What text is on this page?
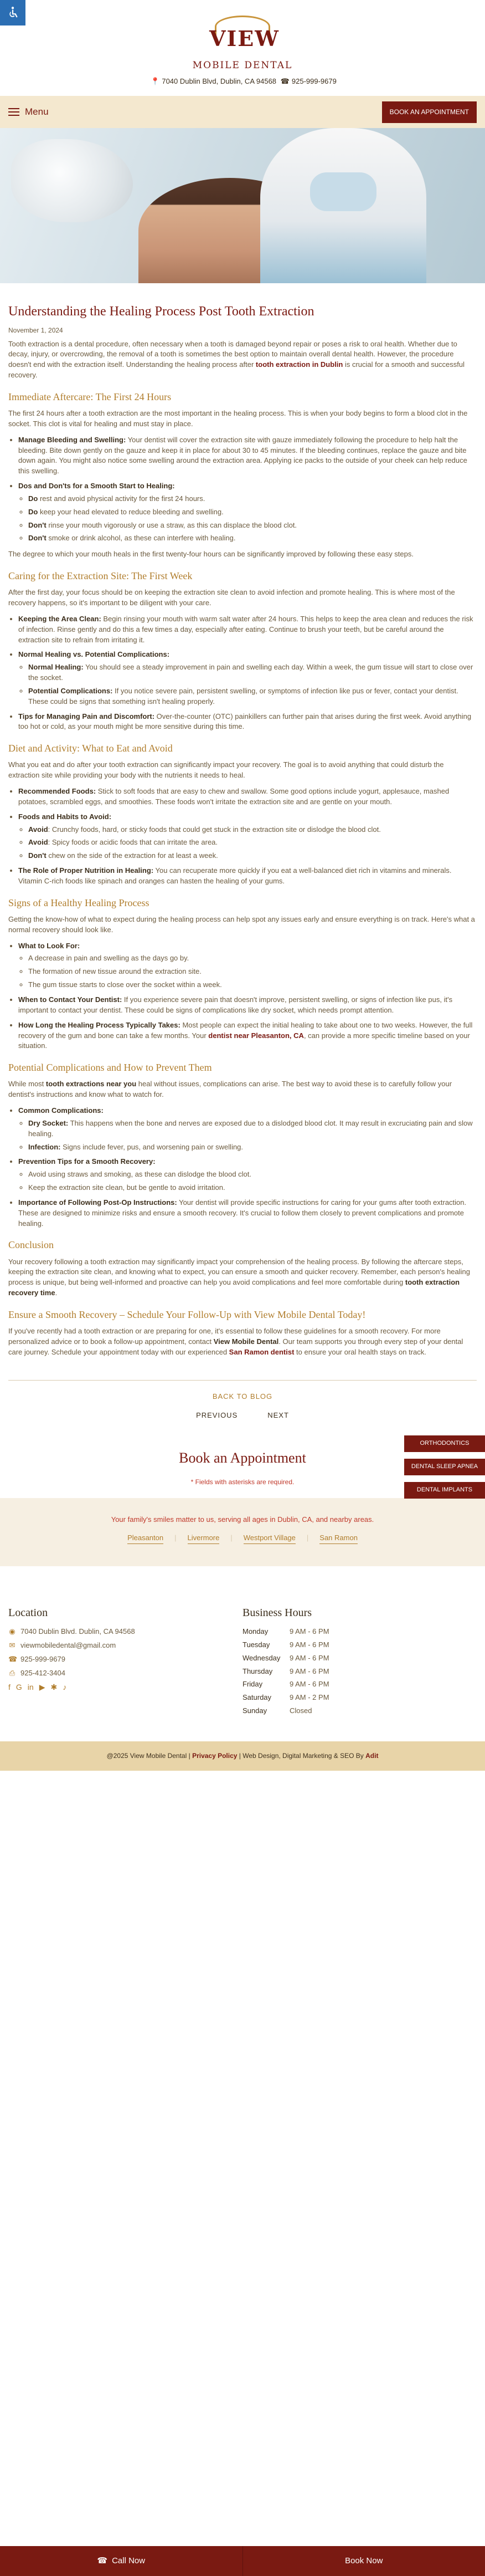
VIEW
MOBILE DENTAL
📍 7040 Dublin Blvd, Dublin, CA 94568 ☎ 925-999-9679
Menu	BOOK AN APPOINTMENT
Understanding the Healing Process Post Tooth Extraction
November 1, 2024

Tooth extraction is a dental procedure, often necessary when a tooth is damaged beyond repair or poses a risk to oral health. Whether due to decay, injury, or overcrowding, the removal of a tooth is sometimes the best option to maintain overall dental health. However, the procedure doesn't end with the extraction itself. Understanding the healing process after tooth extraction in Dublin is crucial for a smooth and successful recovery.

Immediate Aftercare: The First 24 Hours

The first 24 hours after a tooth extraction are the most important in the healing process. This is when your body begins to form a blood clot in the socket. This clot is vital for healing and must stay in place.

• Manage Bleeding and Swelling: Your dentist will cover the extraction site with gauze immediately following the procedure to help halt the bleeding. Bite down gently on the gauze and keep it in place for about 30 to 45 minutes. If the bleeding continues, replace the gauze and bite down again. You might also notice some swelling around the extraction area. Applying ice packs to the outside of your cheek can help reduce this swelling.
• Dos and Don'ts for a Smooth Start to Healing:
◦ Do rest and avoid physical activity for the first 24 hours.
◦ Do keep your head elevated to reduce bleeding and swelling.
◦ Don't rinse your mouth vigorously or use a straw, as this can displace the blood clot.
◦ Don't smoke or drink alcohol, as these can interfere with healing.

The degree to which your mouth heals in the first twenty-four hours can be significantly improved by following these easy steps.

Caring for the Extraction Site: The First Week

After the first day, your focus should be on keeping the extraction site clean to avoid infection and promote healing. This is where most of the recovery happens, so it's important to be diligent with your care.

• Keeping the Area Clean: Begin rinsing your mouth with warm salt water after 24 hours. This helps to keep the area clean and reduces the risk of infection. Rinse gently and do this a few times a day, especially after eating. Continue to brush your teeth, but be careful around the extraction site to refrain from irritating it.
• Normal Healing vs. Potential Complications:
◦ Normal Healing: You should see a steady improvement in pain and swelling each day. Within a week, the gum tissue will start to close over the socket.
◦ Potential Complications: If you notice severe pain, persistent swelling, or symptoms of infection like pus or fever, contact your dentist. These could be signs that something isn't healing properly.
• Tips for Managing Pain and Discomfort: Over-the-counter (OTC) painkillers can further pain that arises during the first week. Avoid anything too hot or cold, as your mouth might be more sensitive during this time.
Diet and Activity: What to Eat and Avoid

What you eat and do after your tooth extraction can significantly impact your recovery. The goal is to avoid anything that could disturb the extraction site while providing your body with the nutrients it needs to heal.

• Recommended Foods: Stick to soft foods that are easy to chew and swallow. Some good options include yogurt, applesauce, mashed potatoes, scrambled eggs, and smoothies. These foods won't irritate the extraction site and are gentle on your mouth.
• Foods and Habits to Avoid:
◦ Avoid: Crunchy foods, hard, or sticky foods that could get stuck in the extraction site or dislodge the blood clot.
◦ Avoid: Spicy foods or acidic foods that can irritate the area.
◦ Don't chew on the side of the extraction for at least a week.
• The Role of Proper Nutrition in Healing: You can recuperate more quickly if you eat a well-balanced diet rich in vitamins and minerals. Vitamin C-rich foods like spinach and oranges can hasten the healing of your gums.
Signs of a Healthy Healing Process

Getting the know-how of what to expect during the healing process can help spot any issues early and ensure everything is on track. Here's what a normal recovery should look like.

• What to Look For:
◦ A decrease in pain and swelling as the days go by.
◦ The formation of new tissue around the extraction site.
◦ The gum tissue starts to close over the socket within a week.
• When to Contact Your Dentist: If you experience severe pain that doesn't improve, persistent swelling, or signs of infection like pus, it's important to contact your dentist. These could be signs of complications like dry socket, which needs prompt attention.
• How Long the Healing Process Typically Takes: Most people can expect the initial healing to take about one to two weeks. However, the full recovery of the gum and bone can take a few months. Your dentist near Pleasanton, CA, can provide a more specific timeline based on your situation.
Potential Complications and How to Prevent Them

While most tooth extractions near you heal without issues, complications can arise. The best way to avoid these is to carefully follow your dentist's instructions and know what to watch for.

• Common Complications:
◦ Dry Socket: This happens when the bone and nerves are exposed due to a dislodged blood clot. It may result in excruciating pain and slow healing.
◦ Infection: Signs include fever, pus, and worsening pain or swelling.
• Prevention Tips for a Smooth Recovery:
◦ Avoid using straws and smoking, as these can dislodge the blood clot.
◦ Keep the extraction site clean, but be gentle to avoid irritation.
• Importance of Following Post-Op Instructions: Your dentist will provide specific instructions for caring for your gums after tooth extraction. These are designed to minimize risks and ensure a smooth recovery. It's crucial to follow them closely to prevent complications and promote healing.
Conclusion

Your recovery following a tooth extraction may significantly impact your comprehension of the healing process. By following the aftercare steps, keeping the extraction site clean, and knowing what to expect, you can ensure a smooth and quicker recovery. Remember, each person's healing process is unique, but being well-informed and proactive can help you avoid complications and feel more comfortable during tooth extraction recovery time.

Ensure a Smooth Recovery – Schedule Your Follow-Up with View Mobile Dental Today!

If you've recently had a tooth extraction or are preparing for one, it's essential to follow these guidelines for a smooth recovery. For more personalized advice or to book a follow-up appointment, contact View Mobile Dental. Our team supports you through every step of your dental care journey. Schedule your appointment today with our experienced San Ramon dentist to ensure your oral health stays on track.

ORTHODONTICS
DENTAL SLEEP APNEA
DENTAL IMPLANTS
BACK TO BLOG
PREVIOUS	NEXT
Book an Appointment
* Fields with asterisks are required.
Your family's smiles matter to us, serving all ages in Dublin, CA, and nearby areas.
Pleasanton | Livermore | Westport Village | San Ramon
Location
◉ 7040 Dublin Blvd. Dublin, CA 94568
✉ viewmobiledental@gmail.com
☎ 925-999-9679
⎙ 925-412-3404
f G in ▶ ✱ ♪
Business Hours
Monday	9 AM - 6 PM
Tuesday	9 AM - 6 PM
Wednesday	9 AM - 6 PM
Thursday	9 AM - 6 PM
Friday	9 AM - 6 PM
Saturday	9 AM - 2 PM
Sunday	Closed
@2025 View Mobile Dental | Privacy Policy | Web Design, Digital Marketing & SEO By Adit
☎ Call Now	Book Now
